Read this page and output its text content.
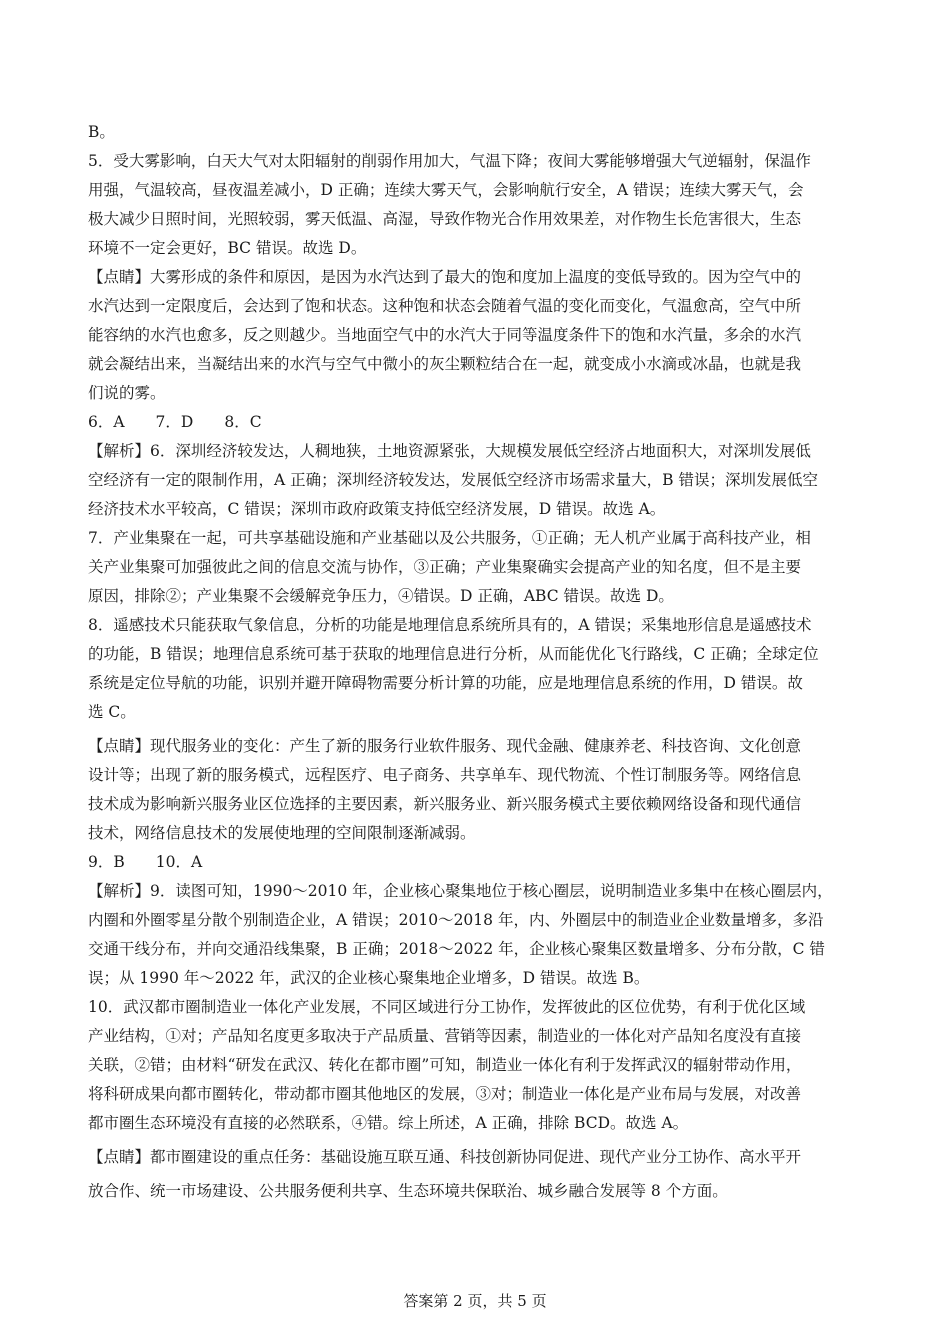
B。
5．受大雾影响，白天大气对太阳辐射的削弱作用加大，气温下降；夜间大雾能够增强大气逆辐射，保温作
用强，气温较高，昼夜温差减小，D 正确；连续大雾天气，会影响航行安全，A 错误；连续大雾天气，会
极大减少日照时间，光照较弱，雾天低温、高湿，导致作物光合作用效果差，对作物生长危害很大，生态
环境不一定会更好，BC 错误。故选 D。
【点睛】大雾形成的条件和原因，是因为水汽达到了最大的饱和度加上温度的变低导致的。因为空气中的
水汽达到一定限度后，会达到了饱和状态。这种饱和状态会随着气温的变化而变化，气温愈高，空气中所
能容纳的水汽也愈多，反之则越少。当地面空气中的水汽大于同等温度条件下的饱和水汽量，多余的水汽
就会凝结出来，当凝结出来的水汽与空气中微小的灰尘颗粒结合在一起，就变成小水滴或冰晶，也就是我
们说的雾。
6．A　　7．D　　8．C
【解析】6．深圳经济较发达，人稠地狭，土地资源紧张，大规模发展低空经济占地面积大，对深圳发展低
空经济有一定的限制作用，A 正确；深圳经济较发达，发展低空经济市场需求量大，B 错误；深圳发展低空
经济技术水平较高，C 错误；深圳市政府政策支持低空经济发展，D 错误。故选 A。
7．产业集聚在一起，可共享基础设施和产业基础以及公共服务，①正确；无人机产业属于高科技产业，相
关产业集聚可加强彼此之间的信息交流与协作，③正确；产业集聚确实会提高产业的知名度，但不是主要
原因，排除②；产业集聚不会缓解竞争压力，④错误。D 正确，ABC 错误。故选 D。
8．遥感技术只能获取气象信息，分析的功能是地理信息系统所具有的，A 错误；采集地形信息是遥感技术
的功能，B 错误；地理信息系统可基于获取的地理信息进行分析，从而能优化飞行路线，C 正确；全球定位
系统是定位导航的功能，识别并避开障碍物需要分析计算的功能，应是地理信息系统的作用，D 错误。故
选 C。
【点睛】现代服务业的变化：产生了新的服务行业软件服务、现代金融、健康养老、科技咨询、文化创意
设计等；出现了新的服务模式，远程医疗、电子商务、共享单车、现代物流、个性订制服务等。网络信息
技术成为影响新兴服务业区位选择的主要因素，新兴服务业、新兴服务模式主要依赖网络设备和现代通信
技术，网络信息技术的发展使地理的空间限制逐渐减弱。
9．B　　10．A
【解析】9．读图可知，1990～2010 年，企业核心聚集地位于核心圈层，说明制造业多集中在核心圈层内，
内圈和外圈零星分散个别制造企业，A 错误；2010～2018 年，内、外圈层中的制造业企业数量增多，多沿
交通干线分布，并向交通沿线集聚，B 正确；2018～2022 年，企业核心聚集区数量增多、分布分散，C 错
误；从 1990 年～2022 年，武汉的企业核心聚集地企业增多，D 错误。故选 B。
10．武汉都市圈制造业一体化产业发展，不同区域进行分工协作，发挥彼此的区位优势，有利于优化区域
产业结构，①对；产品知名度更多取决于产品质量、营销等因素，制造业的一体化对产品知名度没有直接
关联，②错；由材料“研发在武汉、转化在都市圈”可知，制造业一体化有利于发挥武汉的辐射带动作用，
将科研成果向都市圈转化，带动都市圈其他地区的发展，③对；制造业一体化是产业布局与发展，对改善
都市圈生态环境没有直接的必然联系，④错。综上所述，A 正确，排除 BCD。故选 A。
【点睛】都市圈建设的重点任务：基础设施互联互通、科技创新协同促进、现代产业分工协作、高水平开
放合作、统一市场建设、公共服务便利共享、生态环境共保联治、城乡融合发展等 8 个方面。
答案第 2 页，共 5 页
